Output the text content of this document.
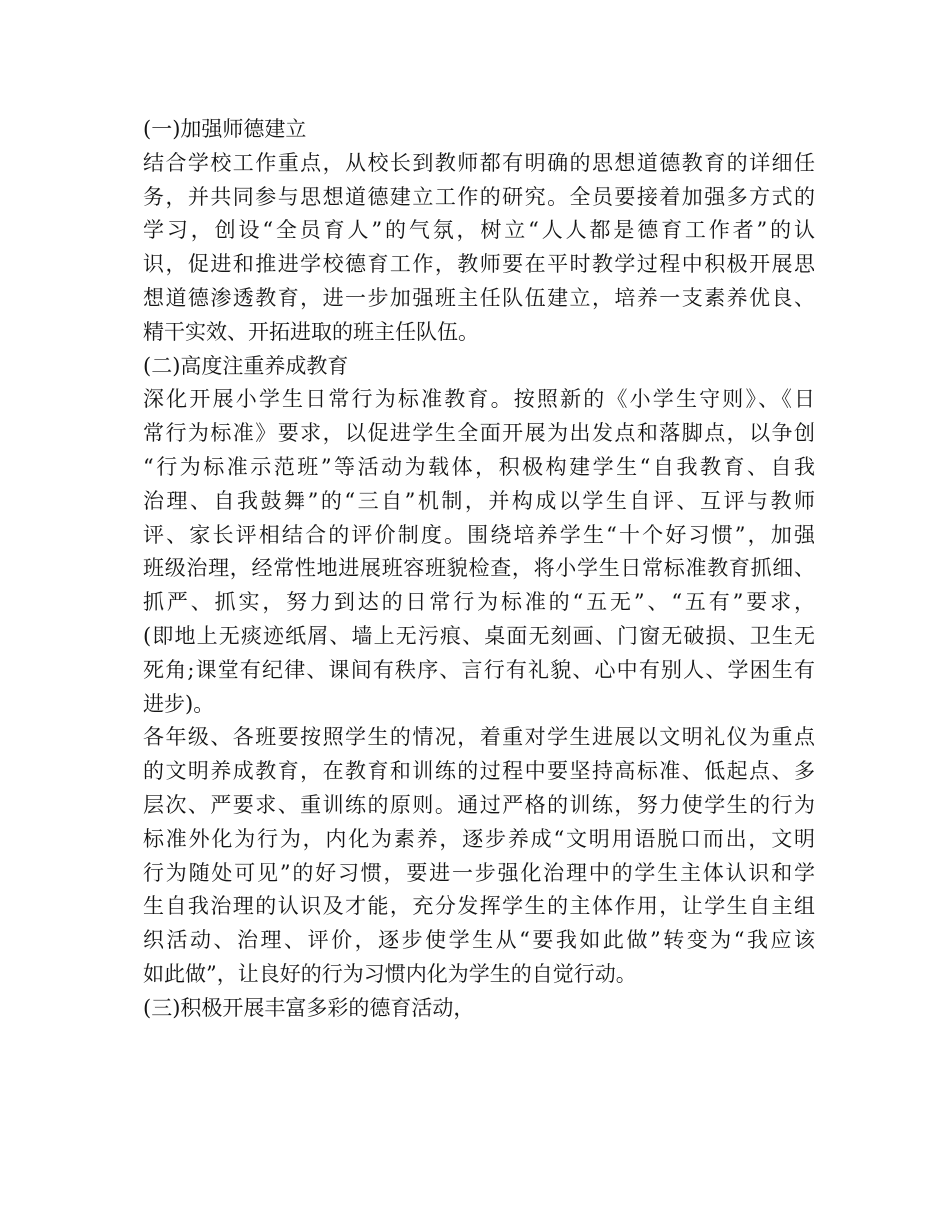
(一)加强师德建立
结合学校工作重点，从校长到教师都有明确的思想道德教育的详细任
务，并共同参与思想道德建立工作的研究。全员要接着加强多方式的
学习，创设“全员育人”的气氛，树立“人人都是德育工作者”的认
识，促进和推进学校德育工作，教师要在平时教学过程中积极开展思
想道德渗透教育，进一步加强班主任队伍建立，培养一支素养优良、
精干实效、开拓进取的班主任队伍。
(二)高度注重养成教育
深化开展小学生日常行为标准教育。按照新的《小学生守则》、《日
常行为标准》要求，以促进学生全面开展为出发点和落脚点，以争创
“行为标准示范班”等活动为载体，积极构建学生“自我教育、自我
治理、自我鼓舞”的“三自”机制，并构成以学生自评、互评与教师
评、家长评相结合的评价制度。围绕培养学生“十个好习惯”，加强
班级治理，经常性地进展班容班貌检查，将小学生日常标准教育抓细、
抓严、抓实，努力到达的日常行为标准的“五无”、“五有”要求，
(即地上无痰迹纸屑、墙上无污痕、桌面无刻画、门窗无破损、卫生无
死角;课堂有纪律、课间有秩序、言行有礼貌、心中有别人、学困生有
进步)。
各年级、各班要按照学生的情况，着重对学生进展以文明礼仪为重点
的文明养成教育，在教育和训练的过程中要坚持高标准、低起点、多
层次、严要求、重训练的原则。通过严格的训练，努力使学生的行为
标准外化为行为，内化为素养，逐步养成“文明用语脱口而出，文明
行为随处可见”的好习惯，要进一步强化治理中的学生主体认识和学
生自我治理的认识及才能，充分发挥学生的主体作用，让学生自主组
织活动、治理、评价，逐步使学生从“要我如此做”转变为“我应该
如此做”，让良好的行为习惯内化为学生的自觉行动。
(三)积极开展丰富多彩的德育活动，
